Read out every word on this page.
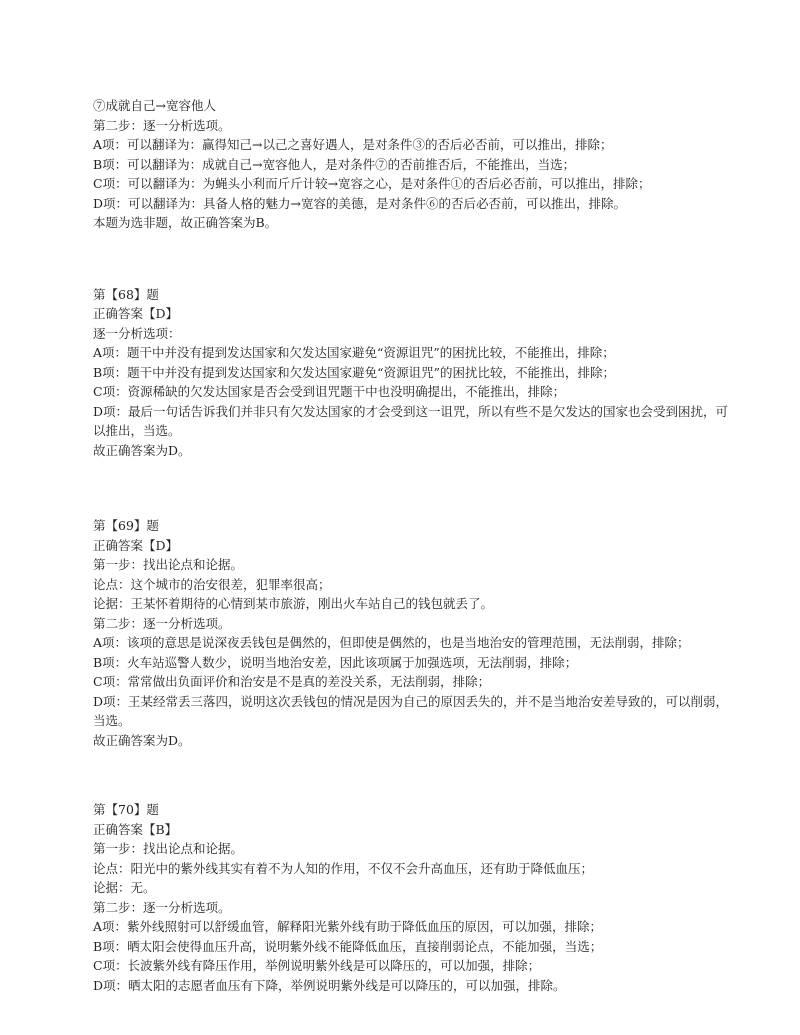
⑦成就自己→宽容他人
第二步：逐一分析选项。
A项：可以翻译为：赢得知己→以己之喜好遇人，是对条件③的否后必否前，可以推出，排除；
B项：可以翻译为：成就自己→宽容他人，是对条件⑦的否前推否后，不能推出，当选；
C项：可以翻译为：为蝇头小利而斤斤计较→宽容之心，是对条件①的否后必否前，可以推出，排除；
D项：可以翻译为：具备人格的魅力→宽容的美德，是对条件⑥的否后必否前，可以推出，排除。
本题为选非题，故正确答案为B。
第【68】题
正确答案【D】
逐一分析选项：
A项：题干中并没有提到发达国家和欠发达国家避免“资源诅咒”的困扰比较，不能推出，排除；
B项：题干中并没有提到发达国家和欠发达国家避免“资源诅咒”的困扰比较，不能推出，排除；
C项：资源稀缺的欠发达国家是否会受到诅咒题干中也没明确提出，不能推出，排除；
D项：最后一句话告诉我们并非只有欠发达国家的才会受到这一诅咒，所以有些不是欠发达的国家也会受到困扰，可以推出，当选。
故正确答案为D。
第【69】题
正确答案【D】
第一步：找出论点和论据。
论点：这个城市的治安很差，犯罪率很高；
论据：王某怀着期待的心情到某市旅游，刚出火车站自己的钱包就丢了。
第二步：逐一分析选项。
A项：该项的意思是说深夜丢钱包是偶然的，但即使是偶然的，也是当地治安的管理范围，无法削弱，排除；
B项：火车站巡警人数少，说明当地治安差，因此该项属于加强选项，无法削弱，排除；
C项：常常做出负面评价和治安是不是真的差没关系，无法削弱，排除；
D项：王某经常丢三落四，说明这次丢钱包的情况是因为自己的原因丢失的，并不是当地治安差导致的，可以削弱，当选。
故正确答案为D。
第【70】题
正确答案【B】
第一步：找出论点和论据。
论点：阳光中的紫外线其实有着不为人知的作用，不仅不会升高血压，还有助于降低血压；
论据：无。
第二步：逐一分析选项。
A项：紫外线照射可以舒缓血管，解释阳光紫外线有助于降低血压的原因，可以加强，排除；
B项：晒太阳会使得血压升高，说明紫外线不能降低血压，直接削弱论点，不能加强，当选；
C项：长波紫外线有降压作用，举例说明紫外线是可以降压的，可以加强，排除；
D项：晒太阳的志愿者血压有下降，举例说明紫外线是可以降压的，可以加强，排除。
